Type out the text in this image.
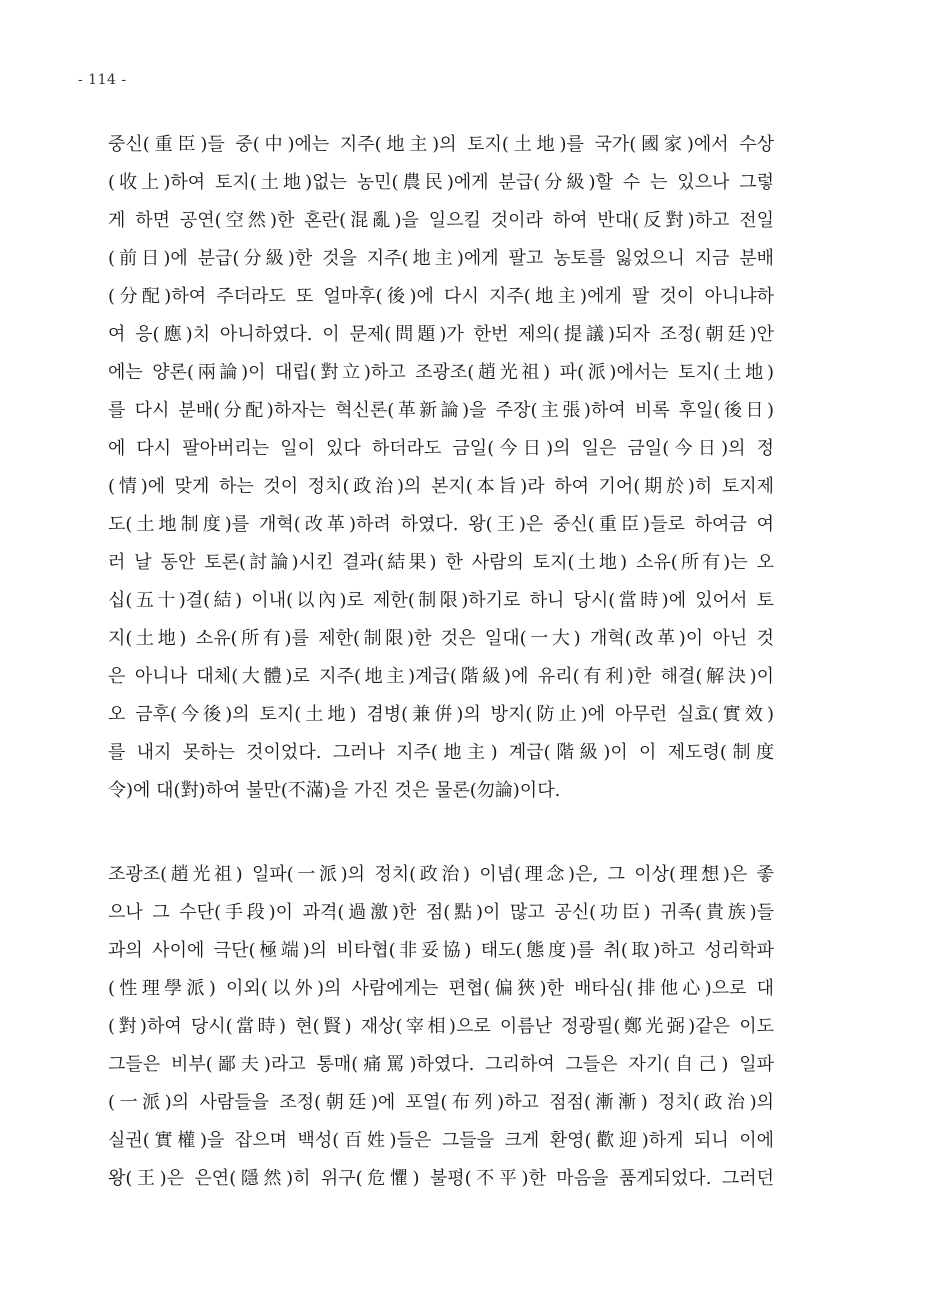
- 114 -
중신(重臣)들 중(中)에는 지주(地主)의 토지(土地)를 국가(國家)에서 수상
(收上)하여 토지(土地)없는 농민(農民)에게 분급(分級)할 수 는 있으나 그렇
게 하면 공연(空然)한 혼란(混亂)을 일으킬 것이라 하여 반대(反對)하고 전일
(前日)에 분급(分級)한 것을 지주(地主)에게 팔고 농토를 잃었으니 지금 분배
(分配)하여 주더라도 또 얼마후(後)에 다시 지주(地主)에게 팔 것이 아니냐하
여 응(應)치 아니하였다. 이 문제(問題)가 한번 제의(提議)되자 조정(朝廷)안
에는 양론(兩論)이 대립(對立)하고 조광조(趙光祖) 파(派)에서는 토지(土地)
를 다시 분배(分配)하자는 혁신론(革新論)을 주장(主張)하여 비록 후일(後日)
에 다시 팔아버리는 일이 있다 하더라도 금일(今日)의 일은 금일(今日)의 정
(情)에 맞게 하는 것이 정치(政治)의 본지(本旨)라 하여 기어(期於)히 토지제
도(土地制度)를 개혁(改革)하려 하였다. 왕(王)은 중신(重臣)들로 하여금 여
러 날 동안 토론(討論)시킨 결과(結果) 한 사람의 토지(土地) 소유(所有)는 오
십(五十)결(結) 이내(以內)로 제한(制限)하기로 하니 당시(當時)에 있어서 토
지(土地) 소유(所有)를 제한(制限)한 것은 일대(一大) 개혁(改革)이 아닌 것
은 아니나 대체(大體)로 지주(地主)계급(階級)에 유리(有利)한 해결(解決)이
오 금후(今後)의 토지(土地) 겸병(兼倂)의 방지(防止)에 아무런 실효(實效)
를 내지 못하는 것이었다. 그러나 지주(地主) 계급(階級)이 이 제도령(制度
令)에 대(對)하여 불만(不滿)을 가진 것은 물론(勿論)이다.
조광조(趙光祖) 일파(一派)의 정치(政治) 이념(理念)은, 그 이상(理想)은 좋
으나 그 수단(手段)이 과격(過激)한 점(點)이 많고 공신(功臣) 귀족(貴族)들
과의 사이에 극단(極端)의 비타협(非妥協) 태도(態度)를 취(取)하고 성리학파
(性理學派) 이외(以外)의 사람에게는 편협(偏狹)한 배타심(排他心)으로 대
(對)하여 당시(當時) 현(賢) 재상(宰相)으로 이름난 정광필(鄭光弼)같은 이도
그들은 비부(鄙夫)라고 통매(痛罵)하였다. 그리하여 그들은 자기(自己) 일파
(一派)의 사람들을 조정(朝廷)에 포열(布列)하고 점점(漸漸) 정치(政治)의
실권(實權)을 잡으며 백성(百姓)들은 그들을 크게 환영(歡迎)하게 되니 이에
왕(王)은 은연(隱然)히 위구(危懼) 불평(不平)한 마음을 품게되었다. 그러던
